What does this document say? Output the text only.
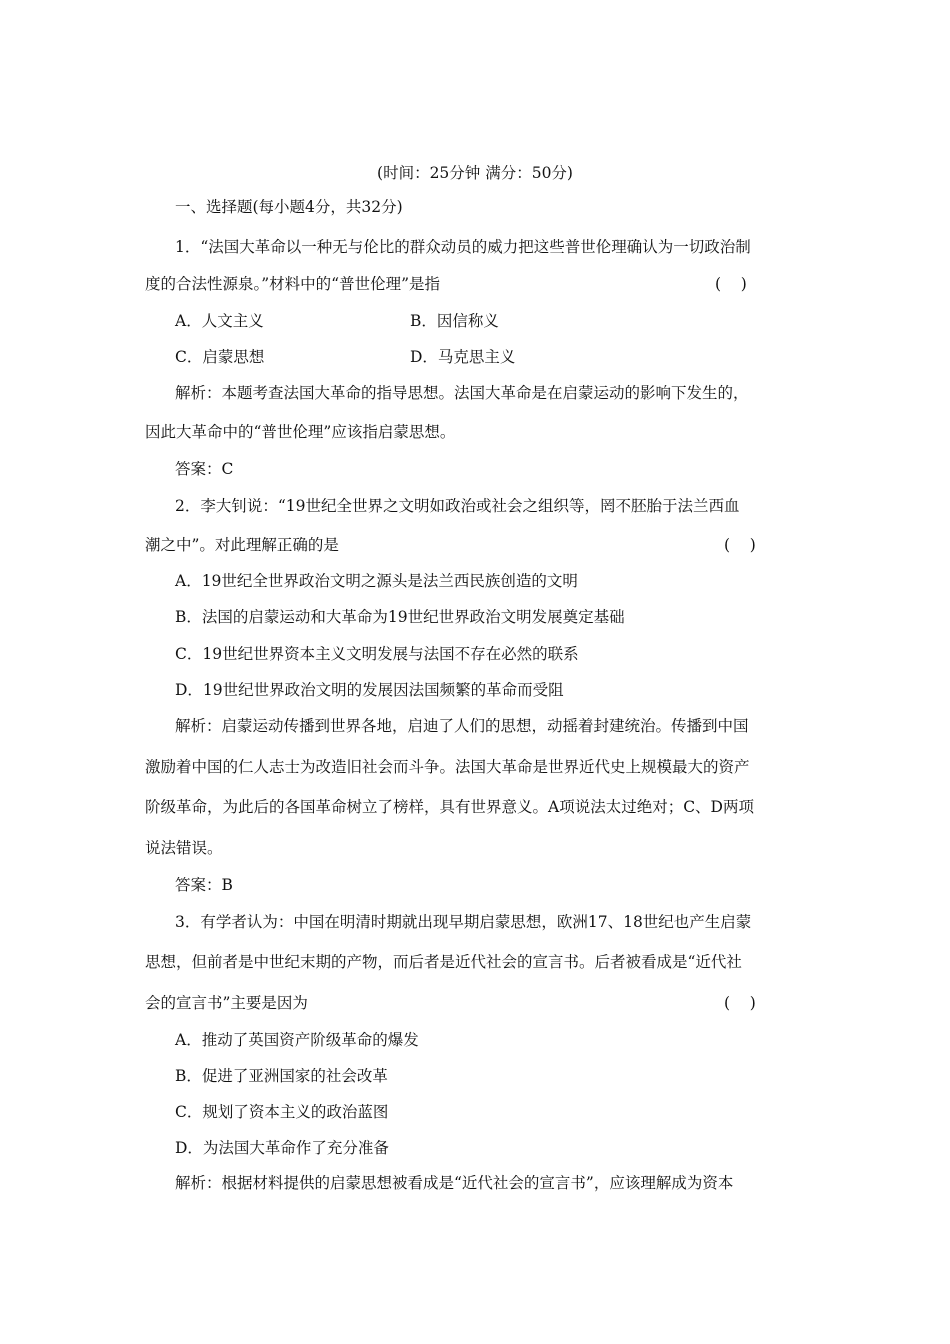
(时间：25分钟 满分：50分)
一、选择题(每小题4分，共32分)
1．“法国大革命以一种无与伦比的群众动员的威力把这些普世伦理确认为一切政治制
度的合法性源泉。”材料中的“普世伦理”是指	(    )
A．人文主义	B．因信称义
C．启蒙思想	D．马克思主义
解析：本题考查法国大革命的指导思想。法国大革命是在启蒙运动的影响下发生的，
因此大革命中的“普世伦理”应该指启蒙思想。
答案：C
2．李大钊说：“19世纪全世界之文明如政治或社会之组织等，罔不胚胎于法兰西血
潮之中”。对此理解正确的是	(    )
A．19世纪全世界政治文明之源头是法兰西民族创造的文明
B．法国的启蒙运动和大革命为19世纪世界政治文明发展奠定基础
C．19世纪世界资本主义文明发展与法国不存在必然的联系
D．19世纪世界政治文明的发展因法国频繁的革命而受阻
解析：启蒙运动传播到世界各地，启迪了人们的思想，动摇着封建统治。传播到中国
激励着中国的仁人志士为改造旧社会而斗争。法国大革命是世界近代史上规模最大的资产
阶级革命，为此后的各国革命树立了榜样，具有世界意义。A项说法太过绝对；C、D两项
说法错误。
答案：B
3．有学者认为：中国在明清时期就出现早期启蒙思想，欧洲17、18世纪也产生启蒙
思想，但前者是中世纪末期的产物，而后者是近代社会的宣言书。后者被看成是“近代社
会的宣言书”主要是因为	(    )
A．推动了英国资产阶级革命的爆发
B．促进了亚洲国家的社会改革
C．规划了资本主义的政治蓝图
D．为法国大革命作了充分准备
解析：根据材料提供的启蒙思想被看成是“近代社会的宣言书”，应该理解成为资本
